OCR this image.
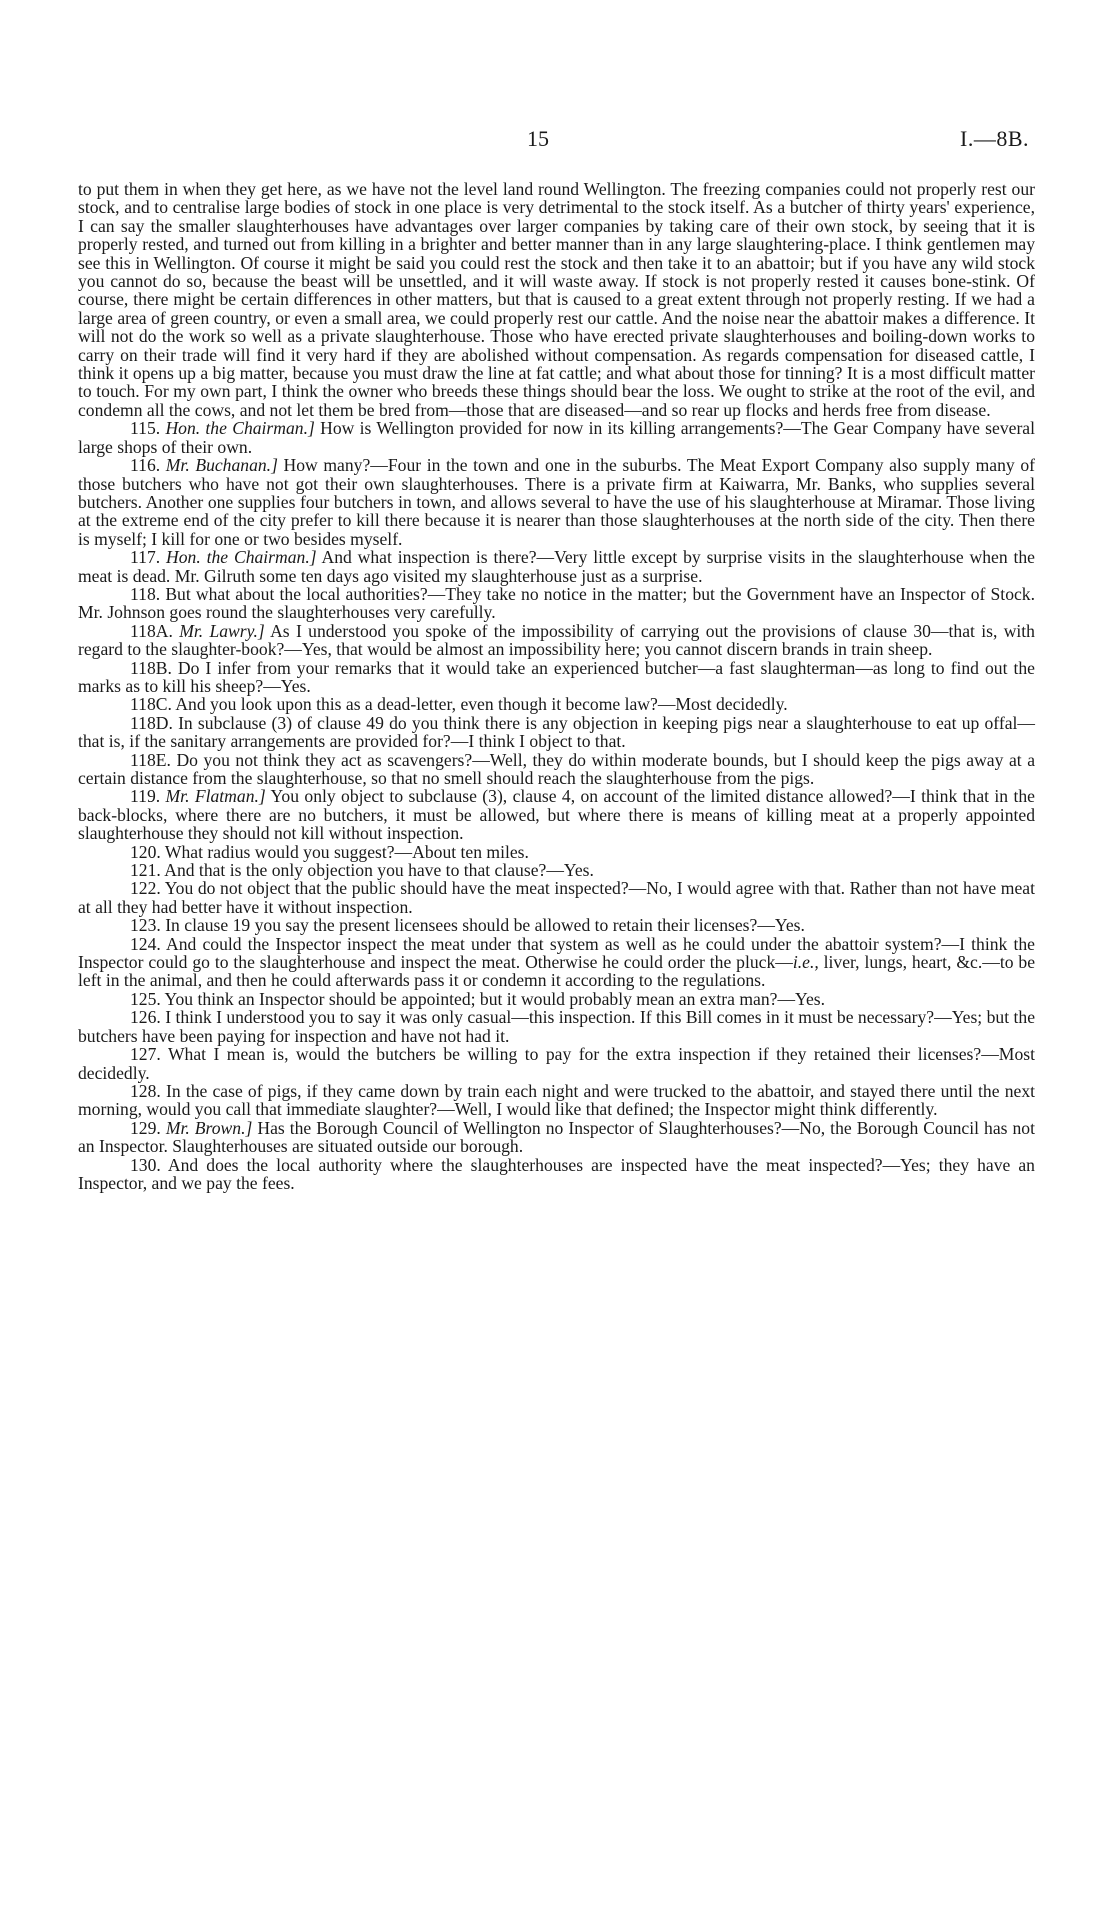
15	I.—8B.

to put them in when they get here, as we have not the level land round Wellington. The freezing companies could not properly rest our stock, and to centralise large bodies of stock in one place is very detrimental to the stock itself. As a butcher of thirty years' experience, I can say the smaller slaughterhouses have advantages over larger companies by taking care of their own stock, by seeing that it is properly rested, and turned out from killing in a brighter and better manner than in any large slaughtering-place. I think gentlemen may see this in Wellington. Of course it might be said you could rest the stock and then take it to an abattoir; but if you have any wild stock you cannot do so, because the beast will be unsettled, and it will waste away. If stock is not properly rested it causes bone-stink. Of course, there might be certain differences in other matters, but that is caused to a great extent through not properly resting. If we had a large area of green country, or even a small area, we could properly rest our cattle. And the noise near the abattoir makes a difference. It will not do the work so well as a private slaughterhouse. Those who have erected private slaughterhouses and boiling-down works to carry on their trade will find it very hard if they are abolished without compensation. As regards compensation for diseased cattle, I think it opens up a big matter, because you must draw the line at fat cattle; and what about those for tinning? It is a most difficult matter to touch. For my own part, I think the owner who breeds these things should bear the loss. We ought to strike at the root of the evil, and condemn all the cows, and not let them be bred from—those that are diseased—and so rear up flocks and herds free from disease.

115. Hon. the Chairman.] How is Wellington provided for now in its killing arrangements?—The Gear Company have several large shops of their own.

116. Mr. Buchanan.] How many?—Four in the town and one in the suburbs. The Meat Export Company also supply many of those butchers who have not got their own slaughterhouses. There is a private firm at Kaiwarra, Mr. Banks, who supplies several butchers. Another one supplies four butchers in town, and allows several to have the use of his slaughterhouse at Miramar. Those living at the extreme end of the city prefer to kill there because it is nearer than those slaughterhouses at the north side of the city. Then there is myself; I kill for one or two besides myself.

117. Hon. the Chairman.] And what inspection is there?—Very little except by surprise visits in the slaughterhouse when the meat is dead. Mr. Gilruth some ten days ago visited my slaughterhouse just as a surprise.

118. But what about the local authorities?—They take no notice in the matter; but the Government have an Inspector of Stock. Mr. Johnson goes round the slaughterhouses very carefully.

118A. Mr. Lawry.] As I understood you spoke of the impossibility of carrying out the provisions of clause 30—that is, with regard to the slaughter-book?—Yes, that would be almost an impossibility here; you cannot discern brands in train sheep.

118B. Do I infer from your remarks that it would take an experienced butcher—a fast slaughterman—as long to find out the marks as to kill his sheep?—Yes.

118C. And you look upon this as a dead-letter, even though it become law?—Most decidedly.

118D. In subclause (3) of clause 49 do you think there is any objection in keeping pigs near a slaughterhouse to eat up offal—that is, if the sanitary arrangements are provided for?—I think I object to that.

118E. Do you not think they act as scavengers?—Well, they do within moderate bounds, but I should keep the pigs away at a certain distance from the slaughterhouse, so that no smell should reach the slaughterhouse from the pigs.

119. Mr. Flatman.] You only object to subclause (3), clause 4, on account of the limited distance allowed?—I think that in the back-blocks, where there are no butchers, it must be allowed, but where there is means of killing meat at a properly appointed slaughterhouse they should not kill without inspection.

120. What radius would you suggest?—About ten miles.

121. And that is the only objection you have to that clause?—Yes.

122. You do not object that the public should have the meat inspected?—No, I would agree with that. Rather than not have meat at all they had better have it without inspection.

123. In clause 19 you say the present licensees should be allowed to retain their licenses?—Yes.

124. And could the Inspector inspect the meat under that system as well as he could under the abattoir system?—I think the Inspector could go to the slaughterhouse and inspect the meat. Otherwise he could order the pluck—i.e., liver, lungs, heart, &c.—to be left in the animal, and then he could afterwards pass it or condemn it according to the regulations.

125. You think an Inspector should be appointed; but it would probably mean an extra man?—Yes.

126. I think I understood you to say it was only casual—this inspection. If this Bill comes in it must be necessary?—Yes; but the butchers have been paying for inspection and have not had it.

127. What I mean is, would the butchers be willing to pay for the extra inspection if they retained their licenses?—Most decidedly.

128. In the case of pigs, if they came down by train each night and were trucked to the abattoir, and stayed there until the next morning, would you call that immediate slaughter?—Well, I would like that defined; the Inspector might think differently.

129. Mr. Brown.] Has the Borough Council of Wellington no Inspector of Slaughterhouses?—No, the Borough Council has not an Inspector. Slaughterhouses are situated outside our borough.

130. And does the local authority where the slaughterhouses are inspected have the meat inspected?—Yes; they have an Inspector, and we pay the fees.
